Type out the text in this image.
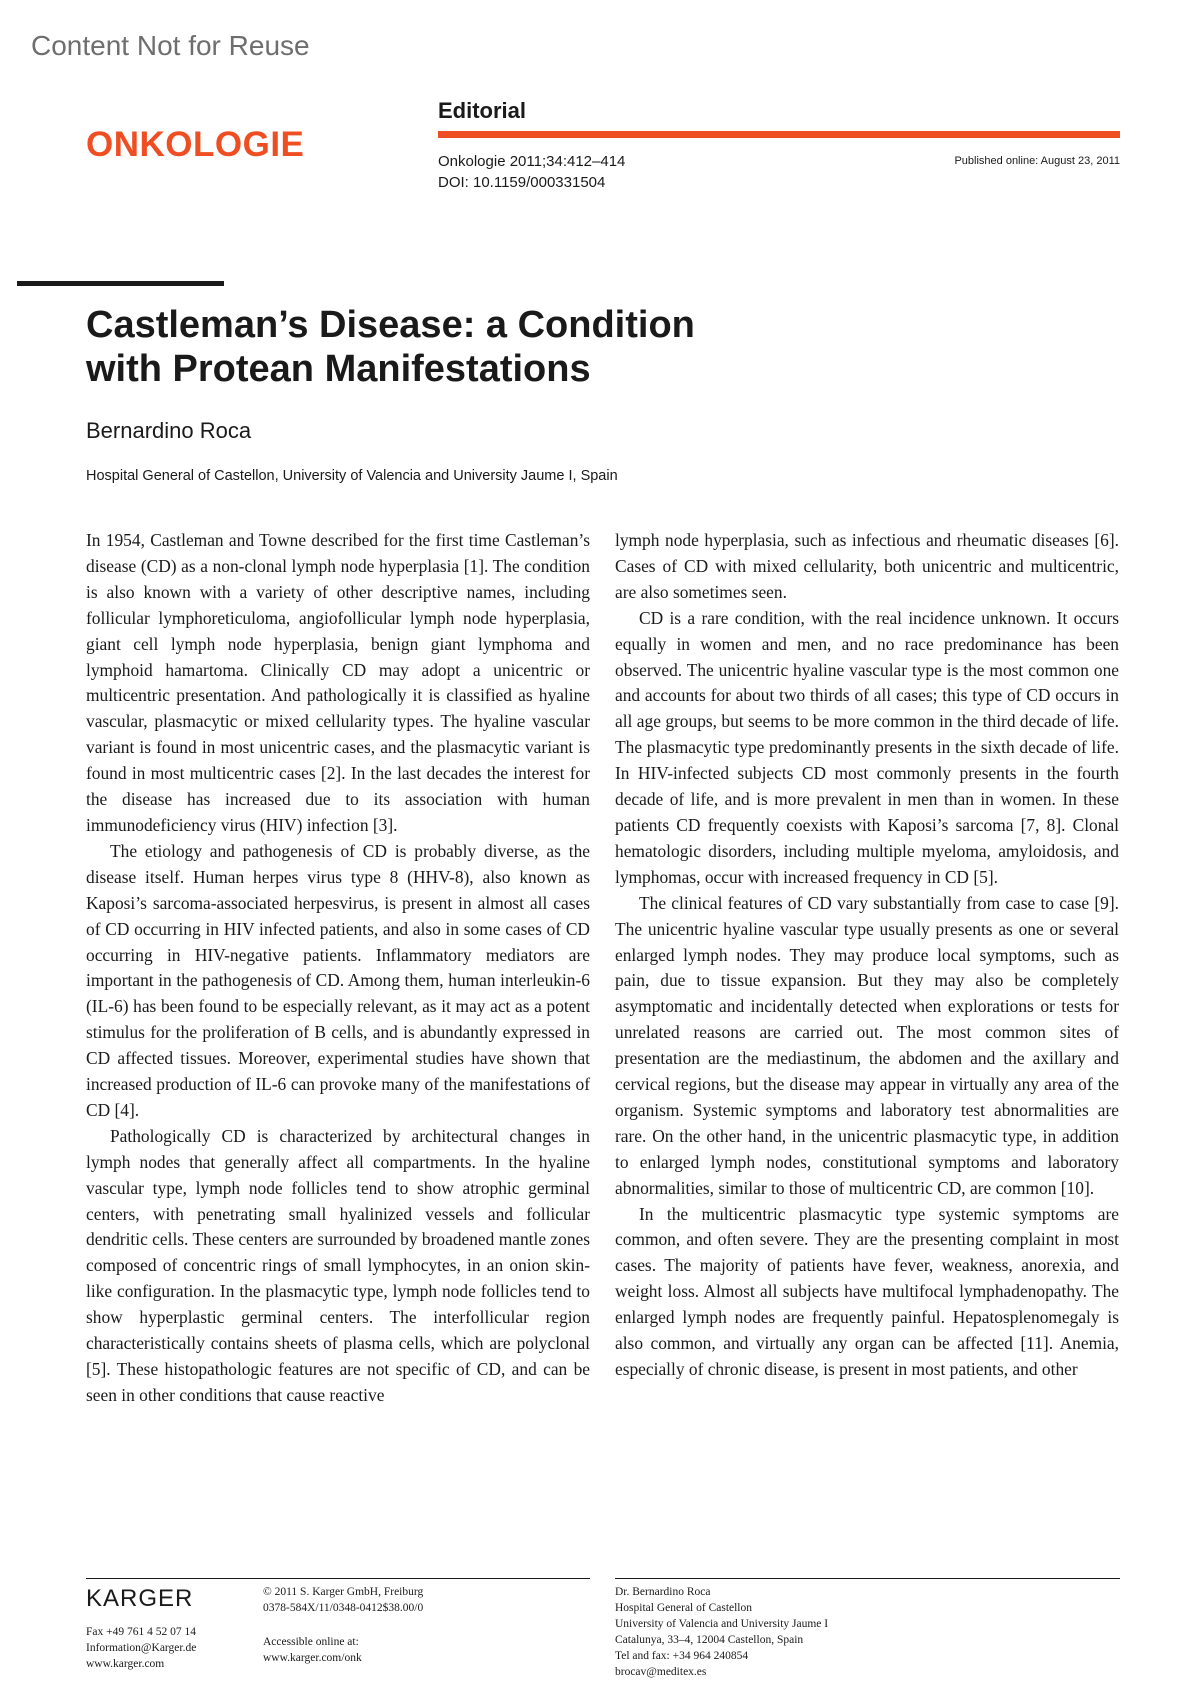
Content Not for Reuse
ONKOLOGIE
Editorial
Onkologie 2011;34:412–414
DOI: 10.1159/000331504
Published online: August 23, 2011
Castleman’s Disease: a Condition
with Protean Manifestations
Bernardino Roca
Hospital General of Castellon, University of Valencia and University Jaume I, Spain

In 1954, Castleman and Towne described for the first time Castleman’s disease (CD) as a non-clonal lymph node hyperplasia [1]. The condition is also known with a variety of other descriptive names, including follicular lymphoreticuloma, angiofollicular lymph node hyperplasia, giant cell lymph node hyperplasia, benign giant lymphoma and lymphoid hamartoma. Clinically CD may adopt a unicentric or multicentric presentation. And pathologically it is classified as hyaline vascular, plasmacytic or mixed cellularity types. The hyaline vascular variant is found in most unicentric cases, and the plasmacytic variant is found in most multicentric cases [2]. In the last decades the interest for the disease has increased due to its association with human immunodeficiency virus (HIV) infection [3].

The etiology and pathogenesis of CD is probably diverse, as the disease itself. Human herpes virus type 8 (HHV-8), also known as Kaposi’s sarcoma-associated herpesvirus, is present in almost all cases of CD occurring in HIV infected patients, and also in some cases of CD occurring in HIV-negative patients. Inflammatory mediators are important in the pathogenesis of CD. Among them, human interleukin-6 (IL-6) has been found to be especially relevant, as it may act as a potent stimulus for the proliferation of B cells, and is abundantly expressed in CD affected tissues. Moreover, experimental studies have shown that increased production of IL-6 can provoke many of the manifestations of CD [4].

Pathologically CD is characterized by architectural changes in lymph nodes that generally affect all compartments. In the hyaline vascular type, lymph node follicles tend to show atrophic germinal centers, with penetrating small hyalinized vessels and follicular dendritic cells. These centers are surrounded by broadened mantle zones composed of concentric rings of small lymphocytes, in an onion skin-like configuration. In the plasmacytic type, lymph node follicles tend to show hyperplastic germinal centers. The interfollicular region characteristically contains sheets of plasma cells, which are polyclonal [5]. These histopathologic features are not specific of CD, and can be seen in other conditions that cause reactive

lymph node hyperplasia, such as infectious and rheumatic diseases [6]. Cases of CD with mixed cellularity, both unicentric and multicentric, are also sometimes seen.

CD is a rare condition, with the real incidence unknown. It occurs equally in women and men, and no race predominance has been observed. The unicentric hyaline vascular type is the most common one and accounts for about two thirds of all cases; this type of CD occurs in all age groups, but seems to be more common in the third decade of life. The plasmacytic type predominantly presents in the sixth decade of life. In HIV-infected subjects CD most commonly presents in the fourth decade of life, and is more prevalent in men than in women. In these patients CD frequently coexists with Kaposi’s sarcoma [7, 8]. Clonal hematologic disorders, including multiple myeloma, amyloidosis, and lymphomas, occur with increased frequency in CD [5].

The clinical features of CD vary substantially from case to case [9]. The unicentric hyaline vascular type usually presents as one or several enlarged lymph nodes. They may produce local symptoms, such as pain, due to tissue expansion. But they may also be completely asymptomatic and incidentally detected when explorations or tests for unrelated reasons are carried out. The most common sites of presentation are the mediastinum, the abdomen and the axillary and cervical regions, but the disease may appear in virtually any area of the organism. Systemic symptoms and laboratory test abnormalities are rare. On the other hand, in the unicentric plasmacytic type, in addition to enlarged lymph nodes, constitutional symptoms and laboratory abnormalities, similar to those of multicentric CD, are common [10].

In the multicentric plasmacytic type systemic symptoms are common, and often severe. They are the presenting complaint in most cases. The majority of patients have fever, weakness, anorexia, and weight loss. Almost all subjects have multifocal lymphadenopathy. The enlarged lymph nodes are frequently painful. Hepatosplenomegaly is also common, and virtually any organ can be affected [11]. Anemia, especially of chronic disease, is present in most patients, and other

KARGER
Fax +49 761 4 52 07 14
Information@Karger.de
www.karger.com
© 2011 S. Karger GmbH, Freiburg
0378-584X/11/0348-0412$38.00/0
Accessible online at:
www.karger.com/onk
Dr. Bernardino Roca
Hospital General of Castellon
University of Valencia and University Jaume I
Catalunya, 33–4, 12004 Castellon, Spain
Tel and fax: +34 964 240854
brocav@meditex.es
